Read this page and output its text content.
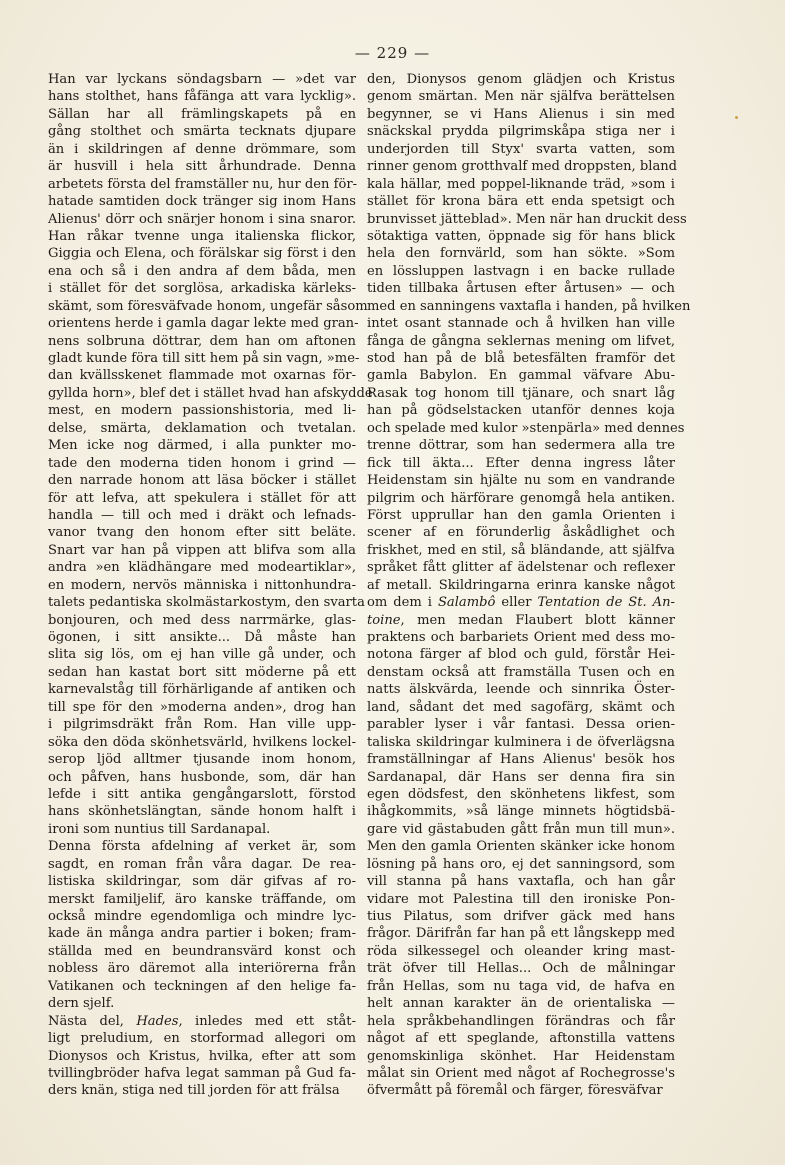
— 229 —
Han var lyckans söndagsbarn — »det var
hans stolthet, hans fåfänga att vara lycklig».
Sällan har all främlingskapets på en
gång stolthet och smärta tecknats djupare
än i skildringen af denne drömmare, som
är husvill i hela sitt århundrade. Denna
arbetets första del framställer nu, hur den för-
hatade samtiden dock tränger sig inom Hans
Alienus' dörr och snärjer honom i sina snaror.
Han råkar tvenne unga italienska flickor,
Giggia och Elena, och förälskar sig först i den
ena och så i den andra af dem båda, men
i stället för det sorglösa, arkadiska kärleks-
skämt, som föresväfvade honom, ungefär såsom
orientens herde i gamla dagar lekte med gran-
nens solbruna döttrar, dem han om aftonen
gladt kunde föra till sitt hem på sin vagn, »me-
dan kvällsskenet flammade mot oxarnas för-
gyllda horn», blef det i stället hvad han afskydde
mest, en modern passionshistoria, med li-
delse, smärta, deklamation och tvetalan.
Men icke nog därmed, i alla punkter mo-
tade den moderna tiden honom i grind —
den narrade honom att läsa böcker i stället
för att lefva, att spekulera i stället för att
handla — till och med i dräkt och lefnads-
vanor tvang den honom efter sitt beläte.
Snart var han på vippen att blifva som alla
andra »en klädhängare med modeartiklar»,
en modern, nervös människa i nittonhundra-
talets pedantiska skolmästarkostym, den svarta
bonjouren, och med dess narrmärke, glas-
ögonen, i sitt ansikte... Då måste han
slita sig lös, om ej han ville gå under, och
sedan han kastat bort sitt möderne på ett
karnevalståg till förhärligande af antiken och
till spe för den »moderna anden», drog han
i pilgrimsdräkt från Rom. Han ville upp-
söka den döda skönhetsvärld, hvilkens lockel-
serop ljöd alltmer tjusande inom honom,
och påfven, hans husbonde, som, där han
lefde i sitt antika gengångarslott, förstod
hans skönhetslängtan, sände honom halft i
ironi som nuntius till Sardanapal.
Denna första afdelning af verket är, som
sagdt, en roman från våra dagar. De rea-
listiska skildringar, som där gifvas af ro-
merskt familjelif, äro kanske träffande, om
också mindre egendomliga och mindre lyc-
kade än många andra partier i boken; fram-
ställda med en beundransvärd konst och
nobless äro däremot alla interiörerna från
Vatikanen och teckningen af den helige fa-
dern sjelf.
Nästa del, Hades, inledes med ett ståt-
ligt preludium, en storformad allegori om
Dionysos och Kristus, hvilka, efter att som
tvillingbröder hafva legat samman på Gud fa-
ders knän, stiga ned till jorden för att frälsa
den, Dionysos genom glädjen och Kristus
genom smärtan. Men när själfva berättelsen
begynner, se vi Hans Alienus i sin med
snäckskal prydda pilgrimskåpa stiga ner i
underjorden till Styx' svarta vatten, som
rinner genom grotthvalf med droppsten, bland
kala hällar, med poppel-liknande träd, »som i
stället för krona bära ett enda spetsigt och
brunvisset jätteblad». Men när han druckit dess
sötaktiga vatten, öppnade sig för hans blick
hela den fornvärld, som han sökte. »Som
en lössluppen lastvagn i en backe rullade
tiden tillbaka årtusen efter årtusen» — och
med en sanningens vaxtafla i handen, på hvilken
intet osant stannade och å hvilken han ville
fånga de gångna seklernas mening om lifvet,
stod han på de blå betesfälten framför det
gamla Babylon. En gammal väfvare Abu-
Rasak tog honom till tjänare, och snart låg
han på gödselstacken utanför dennes koja
och spelade med kulor »stenpärla» med dennes
trenne döttrar, som han sedermera alla tre
fick till äkta... Efter denna ingress låter
Heidenstam sin hjälte nu som en vandrande
pilgrim och härförare genomgå hela antiken.
Först upprullar han den gamla Orienten i
scener af en förunderlig åskådlighet och
friskhet, med en stil, så bländande, att själfva
språket fått glitter af ädelstenar och reflexer
af metall. Skildringarna erinra kanske något
om dem i Salambô eller Tentation de St. An-
toine, men medan Flaubert blott känner
praktens och barbariets Orient med dess mo-
notona färger af blod och guld, förstår Hei-
denstam också att framställa Tusen och en
natts älskvärda, leende och sinnrika Öster-
land, sådant det med sagofärg, skämt och
parabler lyser i vår fantasi. Dessa orien-
taliska skildringar kulminera i de öfverlägsna
framställningar af Hans Alienus' besök hos
Sardanapal, där Hans ser denna fira sin
egen dödsfest, den skönhetens likfest, som
ihågkommits, »så länge minnets högtidsbä-
gare vid gästabuden gått från mun till mun».
Men den gamla Orienten skänker icke honom
lösning på hans oro, ej det sanningsord, som
vill stanna på hans vaxtafla, och han går
vidare mot Palestina till den ironiske Pon-
tius Pilatus, som drifver gäck med hans
frågor. Därifrån far han på ett långskepp med
röda silkessegel och oleander kring mast-
trät öfver till Hellas... Och de målningar
från Hellas, som nu taga vid, de hafva en
helt annan karakter än de orientaliska —
hela språkbehandlingen förändras och får
något af ett speglande, aftonstilla vattens
genomskinliga skönhet. Har Heidenstam
målat sin Orient med något af Rochegrosse's
öfvermått på föremål och färger, föresväfvar
